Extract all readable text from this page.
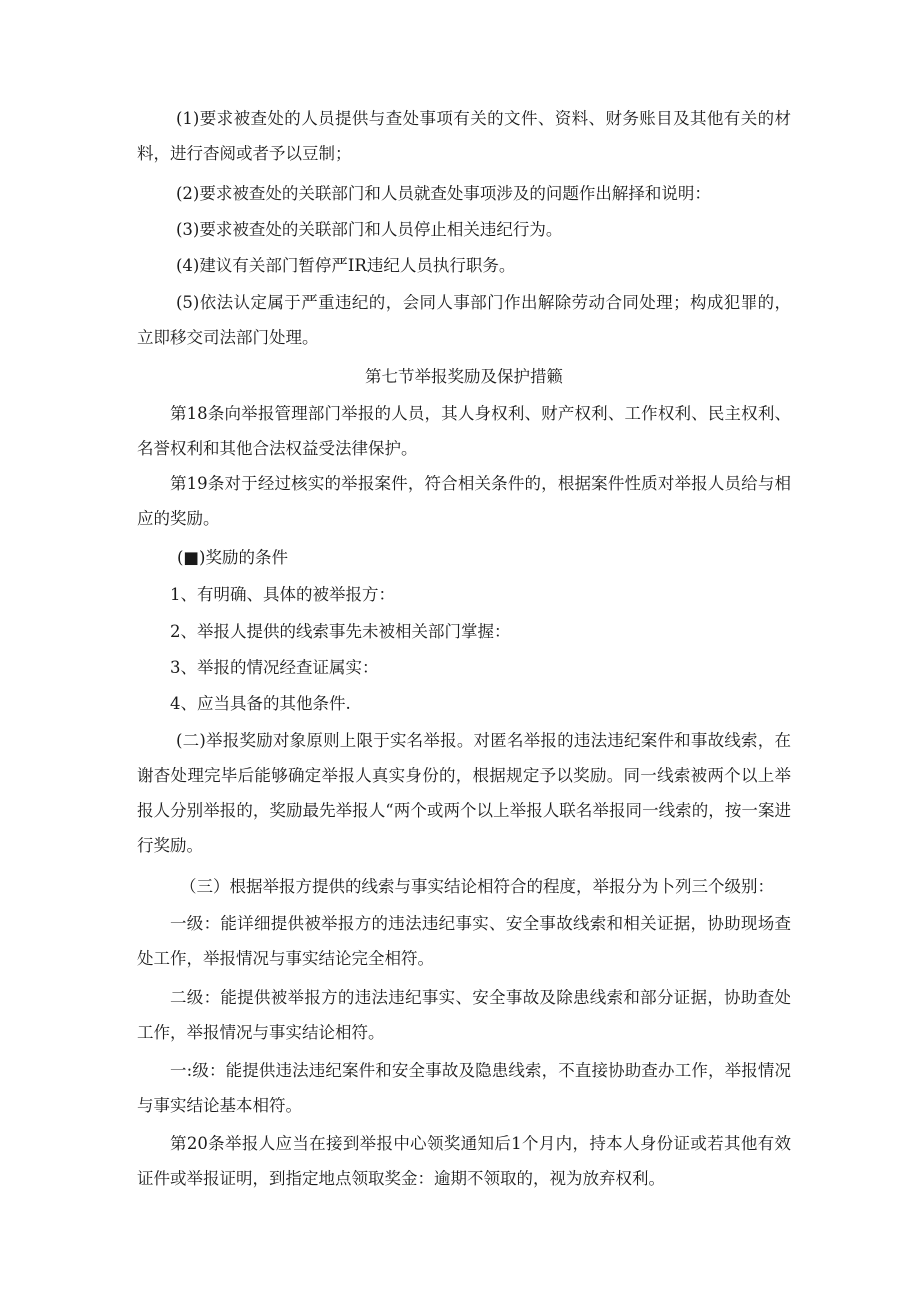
(1)要求被查处的人员提供与查处事项有关的文件、资料、财务账目及其他有关的材料，进行杳阅或者予以豆制；

(2)要求被查处的关联部门和人员就查处事项涉及的问题作出解择和说明：

(3)要求被查处的关联部门和人员停止相关违纪行为。

(4)建议有关部门暂停严IR违纪人员执行职务。

(5)依法认定属于严重违纪的，会同人事部门作出解除劳动合同处理；构成犯罪的，立即移交司法部门处理。

第七节举报奖励及保护措籁

第18条向举报管理部门举报的人员，其人身权利、财产权利、工作权利、民主权利、名誉权利和其他合法权益受法律保护。

第19条对于经过核实的举报案件，符合相关条件的，根据案件性质对举报人员给与相应的奖励。

(■)奖励的条件

1、有明确、具体的被举报方：

2、举报人提供的线索事先未被相关部门掌握：

3、举报的情况经查证属实：

4、应当具备的其他条件.

(二)举报奖励对象原则上限于实名举报。对匿名举报的违法违纪案件和事故线索，在谢杳处理完毕后能够确定举报人真实身份的，根据规定予以奖励。同一线索被两个以上举报人分别举报的，奖励最先举报人“两个或两个以上举报人联名举报同一线索的，按一案进行奖励。

（三）根据举报方提供的线索与事实结论相符合的程度，举报分为卜列三个级别：

一级：能详细提供被举报方的违法违纪事实、安全事故线索和相关证据，协助现场查处工作，举报情况与事实结论完全相符。

二级：能提供被举报方的违法违纪事实、安全事故及除患线索和部分证据，协助查处工作，举报情况与事实结论相符。

一:级：能提供违法违纪案件和安全事故及隐患线索，不直接协助查办工作，举报情况与事实结论基本相符。

第20条举报人应当在接到举报中心领奖通知后1个月内，持本人身份证或若其他有效证件或举报证明，到指定地点领取奖金：逾期不领取的，视为放弃权利。
